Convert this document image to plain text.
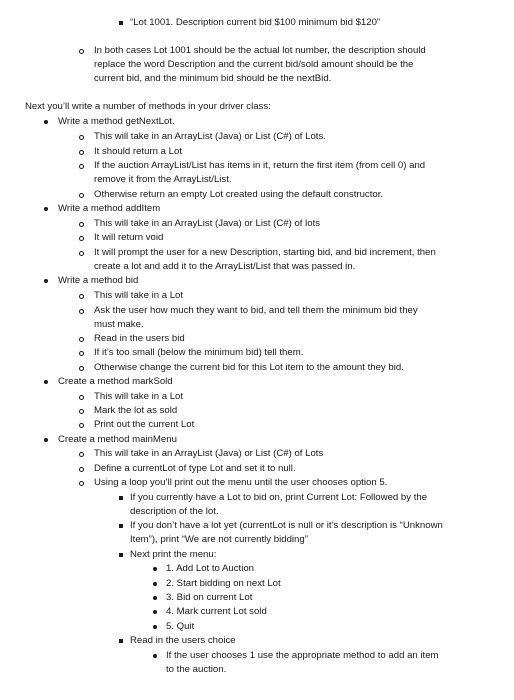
“Lot 1001. Description current bid $100 minimum bid $120”
In both cases Lot 1001 should be the actual lot number, the description should
replace the word Description and the current bid/sold amount should be the
current bid, and the minimum bid should be the nextBid.
Next you’ll write a number of methods in your driver class:
Write a method getNextLot.
This will take in an ArrayList (Java) or List (C#) of Lots.
It should return a Lot
If the auction ArrayList/List has items in it, return the first item (from cell 0) and
remove it from the ArrayList/List.
Otherwise return an empty Lot created using the default constructor.
Write a method addItem
This will take in an ArrayList (Java) or List (C#) of lots
It will return void
It will prompt the user for a new Description, starting bid, and bid increment, then
create a lot and add it to the ArrayList/List that was passed in.
Write a method bid
This will take in a Lot
Ask the user how much they want to bid, and tell them the minimum bid they
must make.
Read in the users bid
If it’s too small (below the minimum bid) tell them.
Otherwise change the current bid for this Lot item to the amount they bid.
Create a method markSold
This will take in a Lot
Mark the lot as sold
Print out the current Lot
Create a method mainMenu
This will take in an ArrayList (Java) or List (C#) of Lots
Define a currentLot of type Lot and set it to null.
Using a loop you’ll print out the menu until the user chooses option 5.
If you currently have a Lot to bid on, print Current Lot: Followed by the
description of the lot.
If you don’t have a lot yet (currentLot is null or it’s description is “Unknown
Item”), print “We are not currently bidding”
Next print the menu:
1. Add Lot to Auction
2. Start bidding on next Lot
3. Bid on current Lot
4. Mark current Lot sold
5. Quit
Read in the users choice
If the user chooses 1 use the appropriate method to add an item
to the auction.
